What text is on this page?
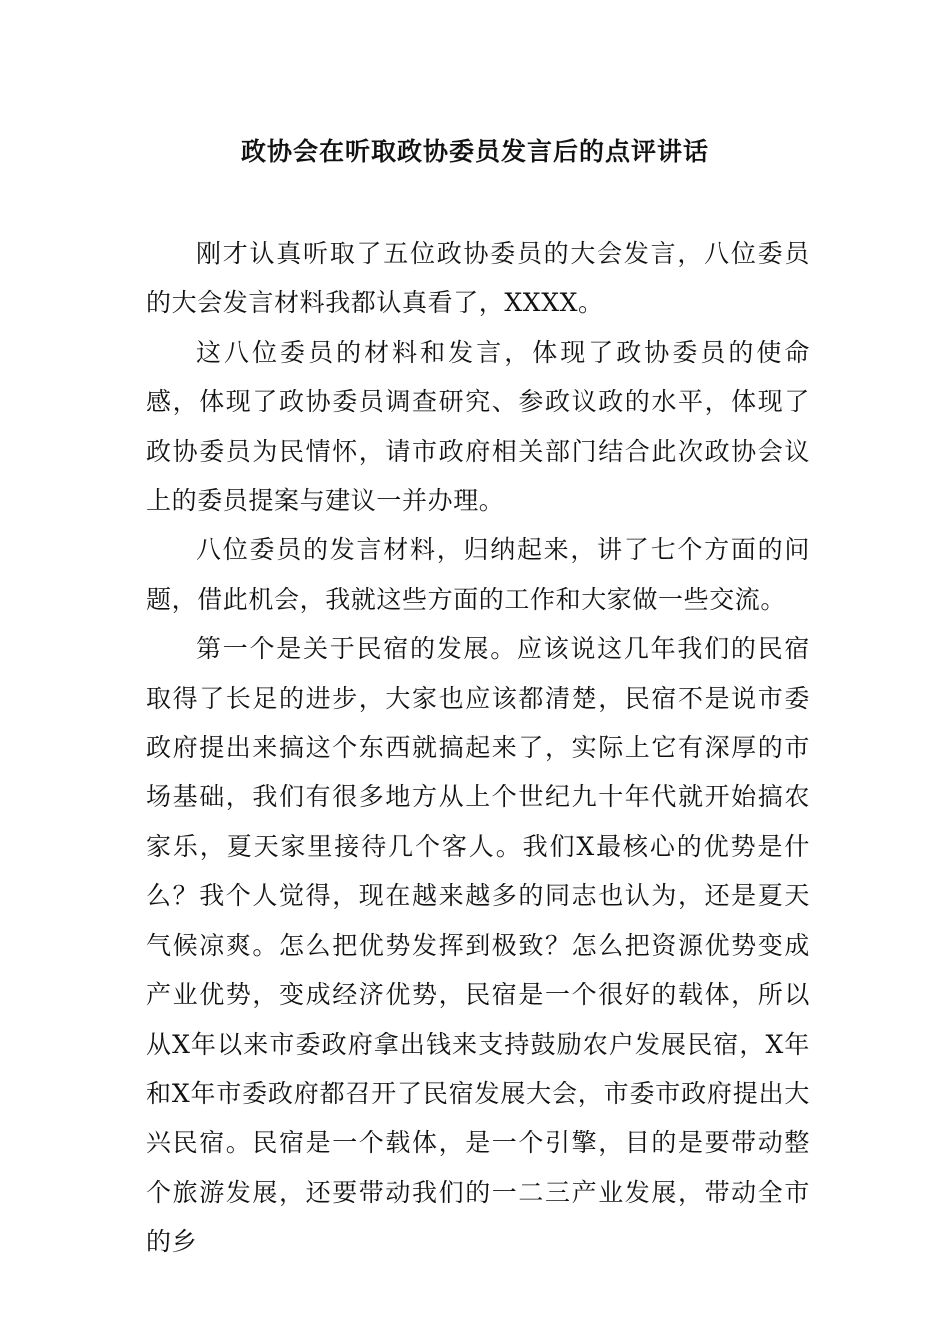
政协会在听取政协委员发言后的点评讲话

刚才认真听取了五位政协委员的大会发言，八位委员的大会发言材料我都认真看了，XXXX。

这八位委员的材料和发言，体现了政协委员的使命感，体现了政协委员调查研究、参政议政的水平，体现了政协委员为民情怀，请市政府相关部门结合此次政协会议上的委员提案与建议一并办理。

八位委员的发言材料，归纳起来，讲了七个方面的问题，借此机会，我就这些方面的工作和大家做一些交流。

第一个是关于民宿的发展。应该说这几年我们的民宿取得了长足的进步，大家也应该都清楚，民宿不是说市委政府提出来搞这个东西就搞起来了，实际上它有深厚的市场基础，我们有很多地方从上个世纪九十年代就开始搞农家乐，夏天家里接待几个客人。我们X最核心的优势是什么？我个人觉得，现在越来越多的同志也认为，还是夏天气候凉爽。怎么把优势发挥到极致？怎么把资源优势变成产业优势，变成经济优势，民宿是一个很好的载体，所以从X年以来市委政府拿出钱来支持鼓励农户发展民宿，X年和X年市委政府都召开了民宿发展大会，市委市政府提出大兴民宿。民宿是一个载体，是一个引擎，目的是要带动整个旅游发展，还要带动我们的一二三产业发展，带动全市的乡
